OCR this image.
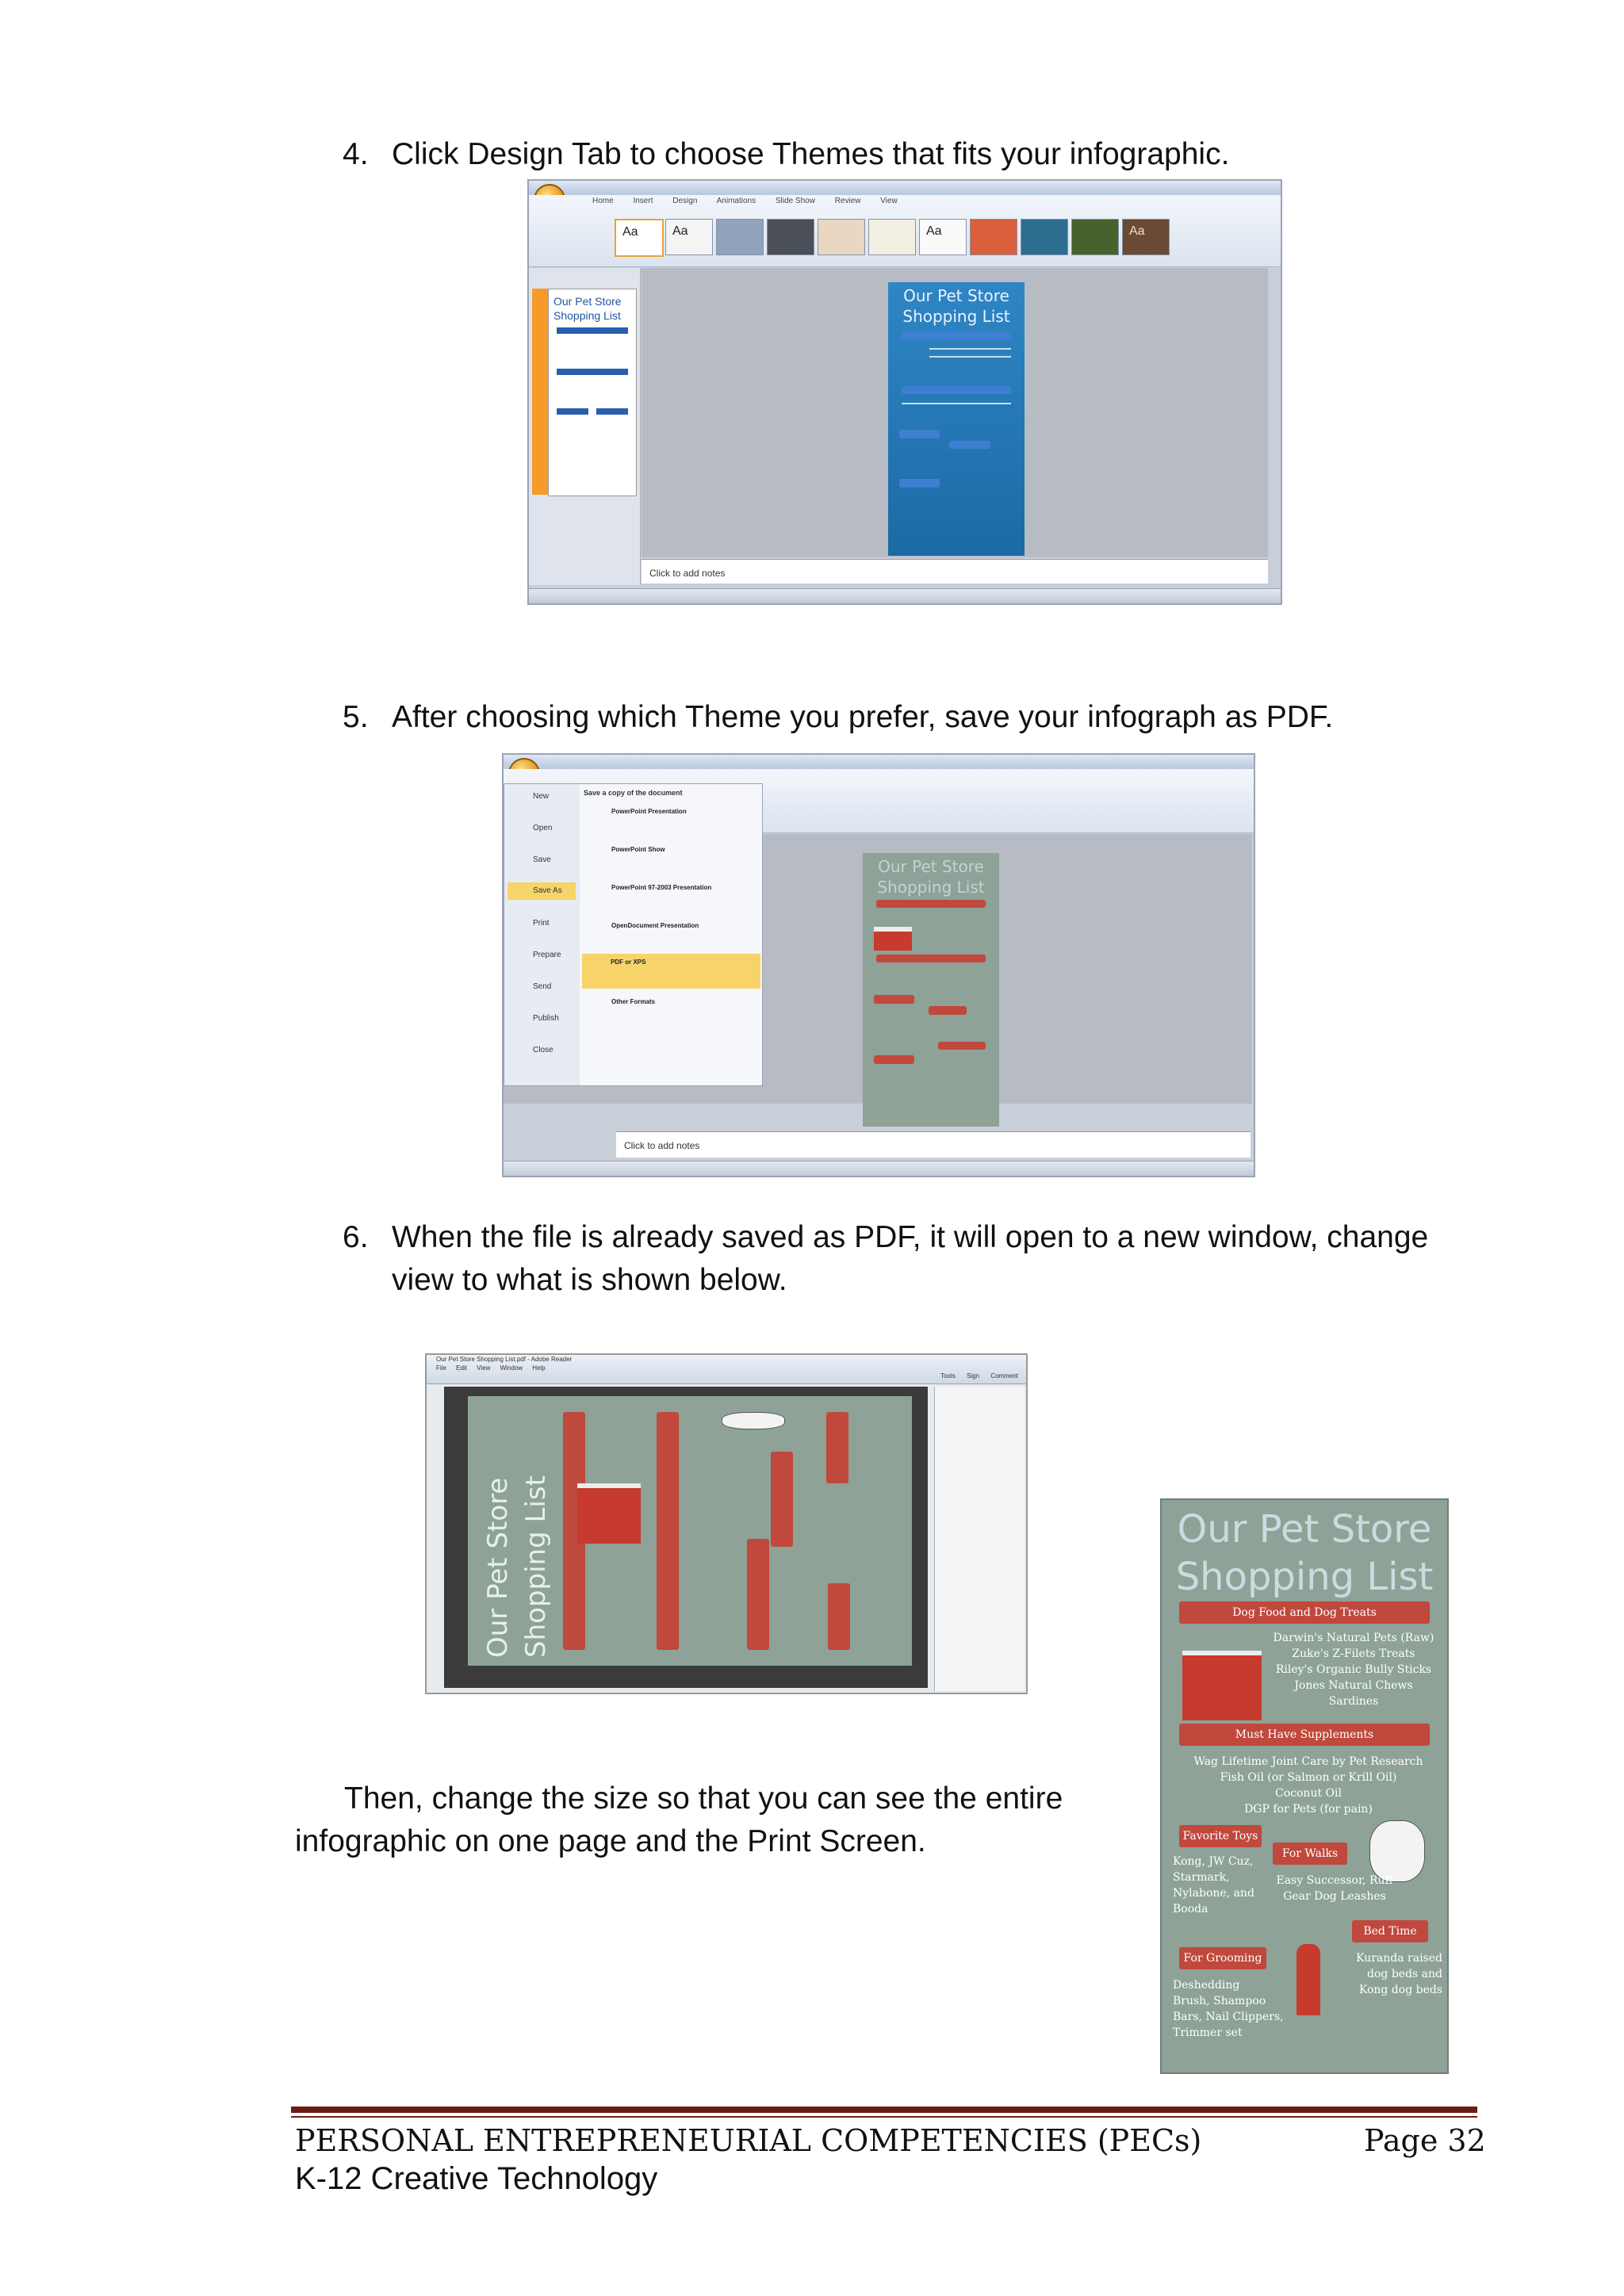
4. Click Design Tab to choose Themes that fits your infographic.
Home Insert Design Animations Slide Show Review View
Aa	Aa	Aa	Aa
Our Pet Store
Shopping List
Our Pet Store
Shopping List
Click to add notes
5. After choosing which Theme you prefer, save your infograph as PDF.
New
Open
Save
Save As
Print
Prepare
Send
Publish
Close
Save a copy of the document
PowerPoint Presentation
PowerPoint Show
PowerPoint 97-2003 Presentation
OpenDocument Presentation
PDF or XPS
Other Formats
Our Pet Store
Shopping List
Click to add notes
6. When the file is already saved as PDF, it will open to a new window, change
view to what is shown below.
Our Pet Store Shopping List.pdf - Adobe Reader
File Edit View Window Help
Tools Sign Comment
Our Pet Store Shopping List
Then, change the size so that you can see the entire
infographic on one page and the Print Screen.
Our Pet Store
Shopping List
Dog Food and Dog Treats
Darwin's Natural Pets (Raw)
Zuke's Z-Filets Treats
Riley's Organic Bully Sticks
Jones Natural Chews
Sardines
Must Have Supplements
Wag Lifetime Joint Care by Pet Research
Fish Oil (or Salmon or Krill Oil)
Coconut Oil
DGP for Pets (for pain)
Favorite Toys
For Walks
Kong, JW Cuz,
Starmark,
Nylabone, and
Booda
Easy Successor, Ruff
Gear Dog Leashes
Bed Time
For Grooming	Kuranda raised
dog beds and
Kong dog beds
Deshedding
Brush, Shampoo
Bars, Nail Clippers,
Trimmer set
PERSONAL ENTREPRENEURIAL COMPETENCIES (PECs)	Page 32
K-12 Creative Technology
